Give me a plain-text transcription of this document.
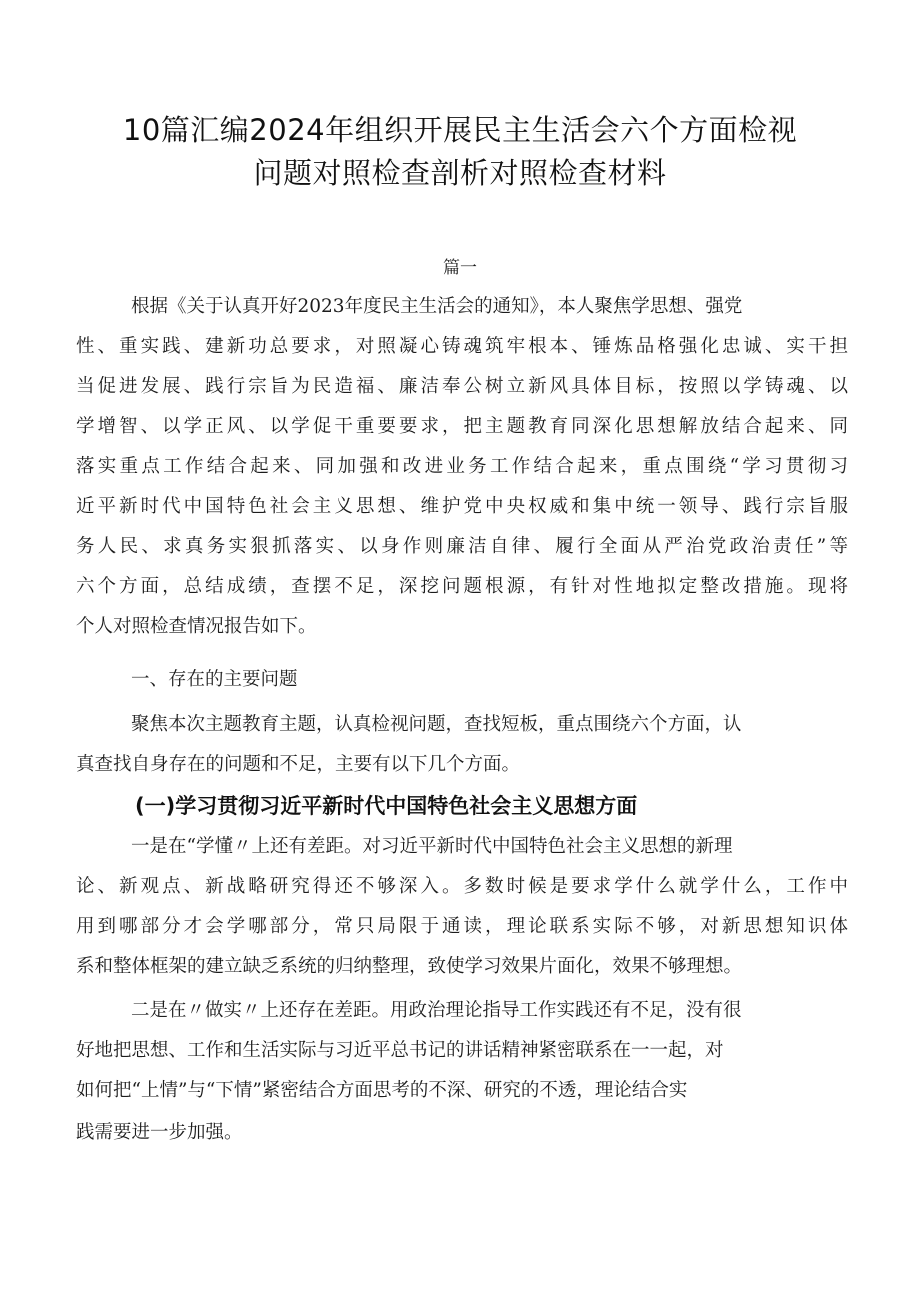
10篇汇编2024年组织开展民主生活会六个方面检视
问题对照检查剖析对照检查材料
篇一

根据《关于认真开好2023年度民主生活会的通知》，本人聚焦学思想、强党

性、重实践、建新功总要求，对照凝心铸魂筑牢根本、锤炼品格强化忠诚、实干担

当促进发展、践行宗旨为民造福、廉洁奉公树立新风具体目标，按照以学铸魂、以

学增智、以学正风、以学促干重要要求，把主题教育同深化思想解放结合起来、同

落实重点工作结合起来、同加强和改进业务工作结合起来，重点围绕“学习贯彻习

近平新时代中国特色社会主义思想、维护党中央权威和集中统一领导、践行宗旨服

务人民、求真务实狠抓落实、以身作则廉洁自律、履行全面从严治党政治责任”等

六个方面，总结成绩，查摆不足，深挖问题根源，有针对性地拟定整改措施。现将

个人对照检查情况报告如下。

一、存在的主要问题

聚焦本次主题教育主题，认真检视问题，查找短板，重点围绕六个方面，认

真查找自身存在的问题和不足，主要有以下几个方面。

(一)学习贯彻习近平新时代中国特色社会主义思想方面

一是在“学懂〃上还有差距。对习近平新时代中国特色社会主义思想的新理

论、新观点、新战略研究得还不够深入。多数时候是要求学什么就学什么，工作中

用到哪部分才会学哪部分，常只局限于通读，理论联系实际不够，对新思想知识体

系和整体框架的建立缺乏系统的归纳整理，致使学习效果片面化，效果不够理想。

二是在〃做实〃上还存在差距。用政治理论指导工作实践还有不足，没有很

好地把思想、工作和生活实际与习近平总书记的讲话精神紧密联系在一一起，对

如何把“上情”与“下情”紧密结合方面思考的不深、研究的不透，理论结合实

践需要进一步加强。
